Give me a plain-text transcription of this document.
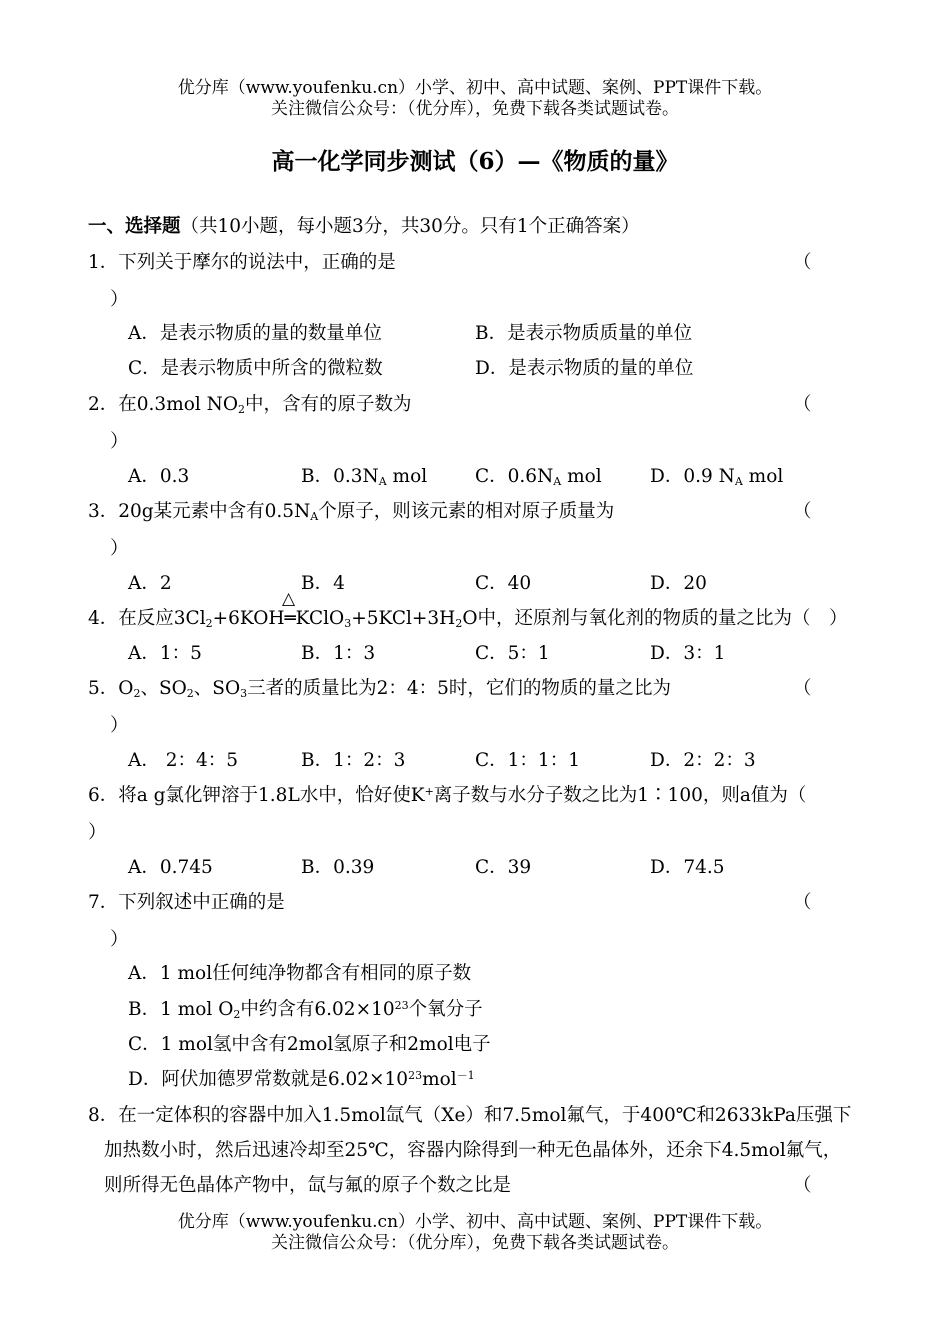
优分库（www.youfenku.cn）小学、初中、高中试题、案例、PPT课件下载。
关注微信公众号：（优分库），免费下载各类试题试卷。
高一化学同步测试（6）—《物质的量》
一、选择题（共10小题，每小题3分，共30分。只有1个正确答案）
1．下列关于摩尔的说法中，正确的是	（
）
A．是表示物质的量的数量单位	B．是表示物质质量的单位
C．是表示物质中所含的微粒数	D．是表示物质的量的单位
2．在0.3mol $NO_2$中，含有的原子数为	（
）
A．0.3	B．$0.3N_A$ mol	C．$0.6N_A$ mol	D．0.9 $N_A$ mol
3．20g某元素中含有$0.5N_A$个原子，则该元素的相对原子质量为	（
）
A．2	B．4	C．40	D．20
△
4．在反应$3Cl_2+6KOH═KClO_3+5KCl+3H_2O$中，还原剂与氧化剂的物质的量之比为（　）
A．1：5	B．1：3	C．5：1	D．3：1
5．$O_2$、$SO_2$、$SO_3$三者的质量比为2：4：5时，它们的物质的量之比为	（
）
A． 2：4：5	B．1：2：3	C．1：1：1	D．2：2：3
6．将a g氯化钾溶于1.8L水中，恰好使K+离子数与水分子数之比为1∶100，则a值为（
）
A．0.745	B．0.39	C．39	D．74.5
7．下列叙述中正确的是	（
）
A．1 mol任何纯净物都含有相同的原子数
B．1 mol $O_2$中约含有$6.02\times 10^{23}$个氧分子
C．1 mol氢中含有2mol氢原子和2mol电子
D．阿伏加德罗常数就是$6.02\times 10^{23}mol^{-1}$
8．在一定体积的容器中加入1.5mol氙气（Xe）和7.5mol氟气，于400℃和2633kPa压强下
加热数小时，然后迅速冷却至25℃，容器内除得到一种无色晶体外，还余下4.5mol氟气，
则所得无色晶体产物中，氙与氟的原子个数之比是	（
优分库（www.youfenku.cn）小学、初中、高中试题、案例、PPT课件下载。
关注微信公众号：（优分库），免费下载各类试题试卷。
